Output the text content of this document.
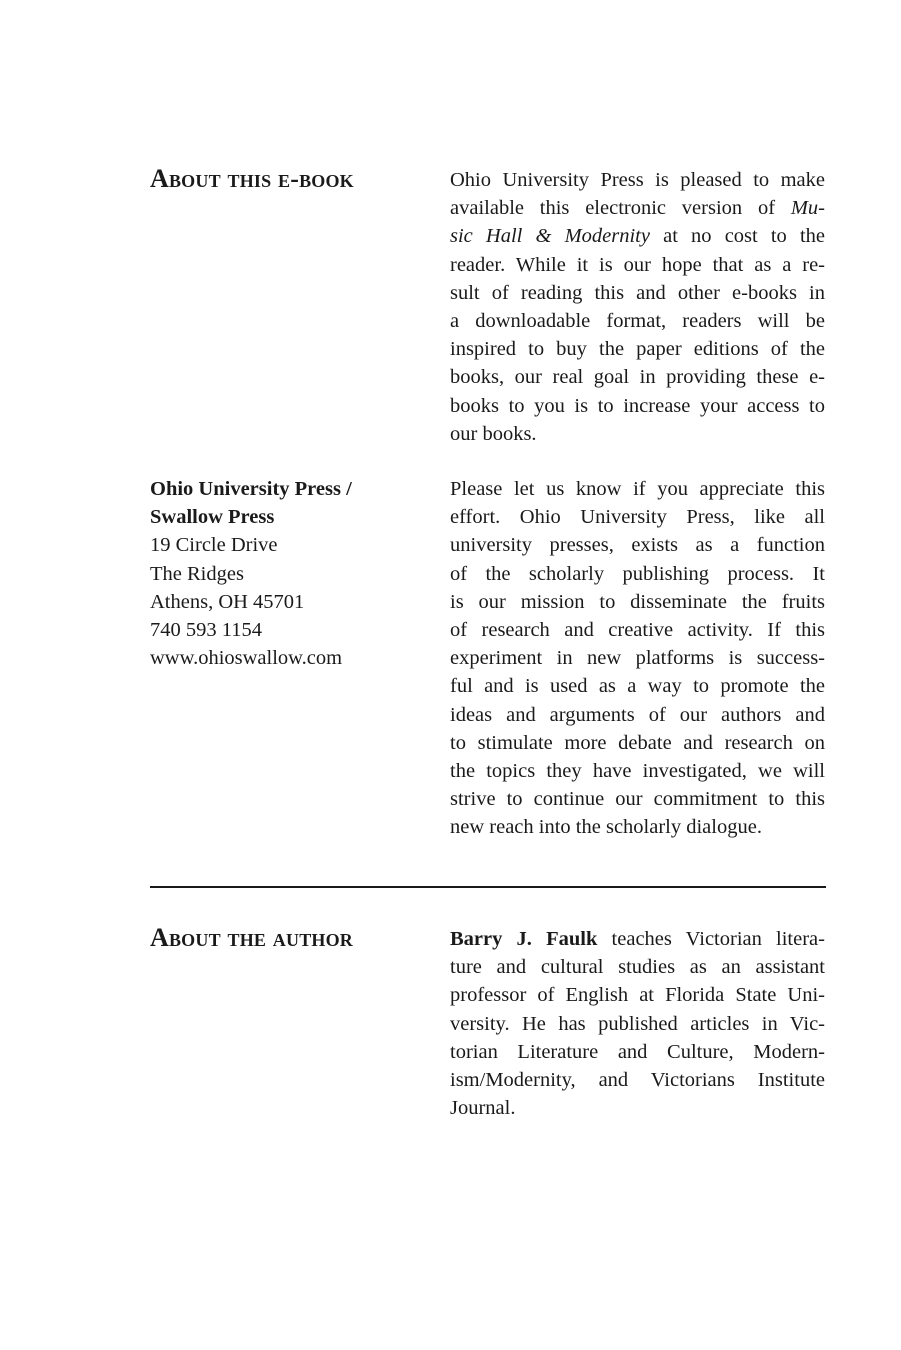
About this e-book	Ohio University Press is pleased to make
available this electronic version of Mu-
sic Hall & Modernity at no cost to the
reader. While it is our hope that as a re-
sult of reading this and other e-books in
a downloadable format, readers will be
inspired to buy the paper editions of the
books, our real goal in providing these e-
books to you is to increase your access to
our books.
Ohio University Press /
Swallow Press
19 Circle Drive
The Ridges
Athens, OH 45701
740 593 1154
www.ohioswallow.com
Please let us know if you appreciate this
effort. Ohio University Press, like all
university presses, exists as a function
of the scholarly publishing process. It
is our mission to disseminate the fruits
of research and creative activity. If this
experiment in new platforms is success-
ful and is used as a way to promote the
ideas and arguments of our authors and
to stimulate more debate and research on
the topics they have investigated, we will
strive to continue our commitment to this
new reach into the scholarly dialogue.
About the author	Barry J. Faulk teaches Victorian litera-
ture and cultural studies as an assistant
professor of English at Florida State Uni-
versity. He has published articles in Vic-
torian Literature and Culture, Modern-
ism/Modernity, and Victorians Institute
Journal.
